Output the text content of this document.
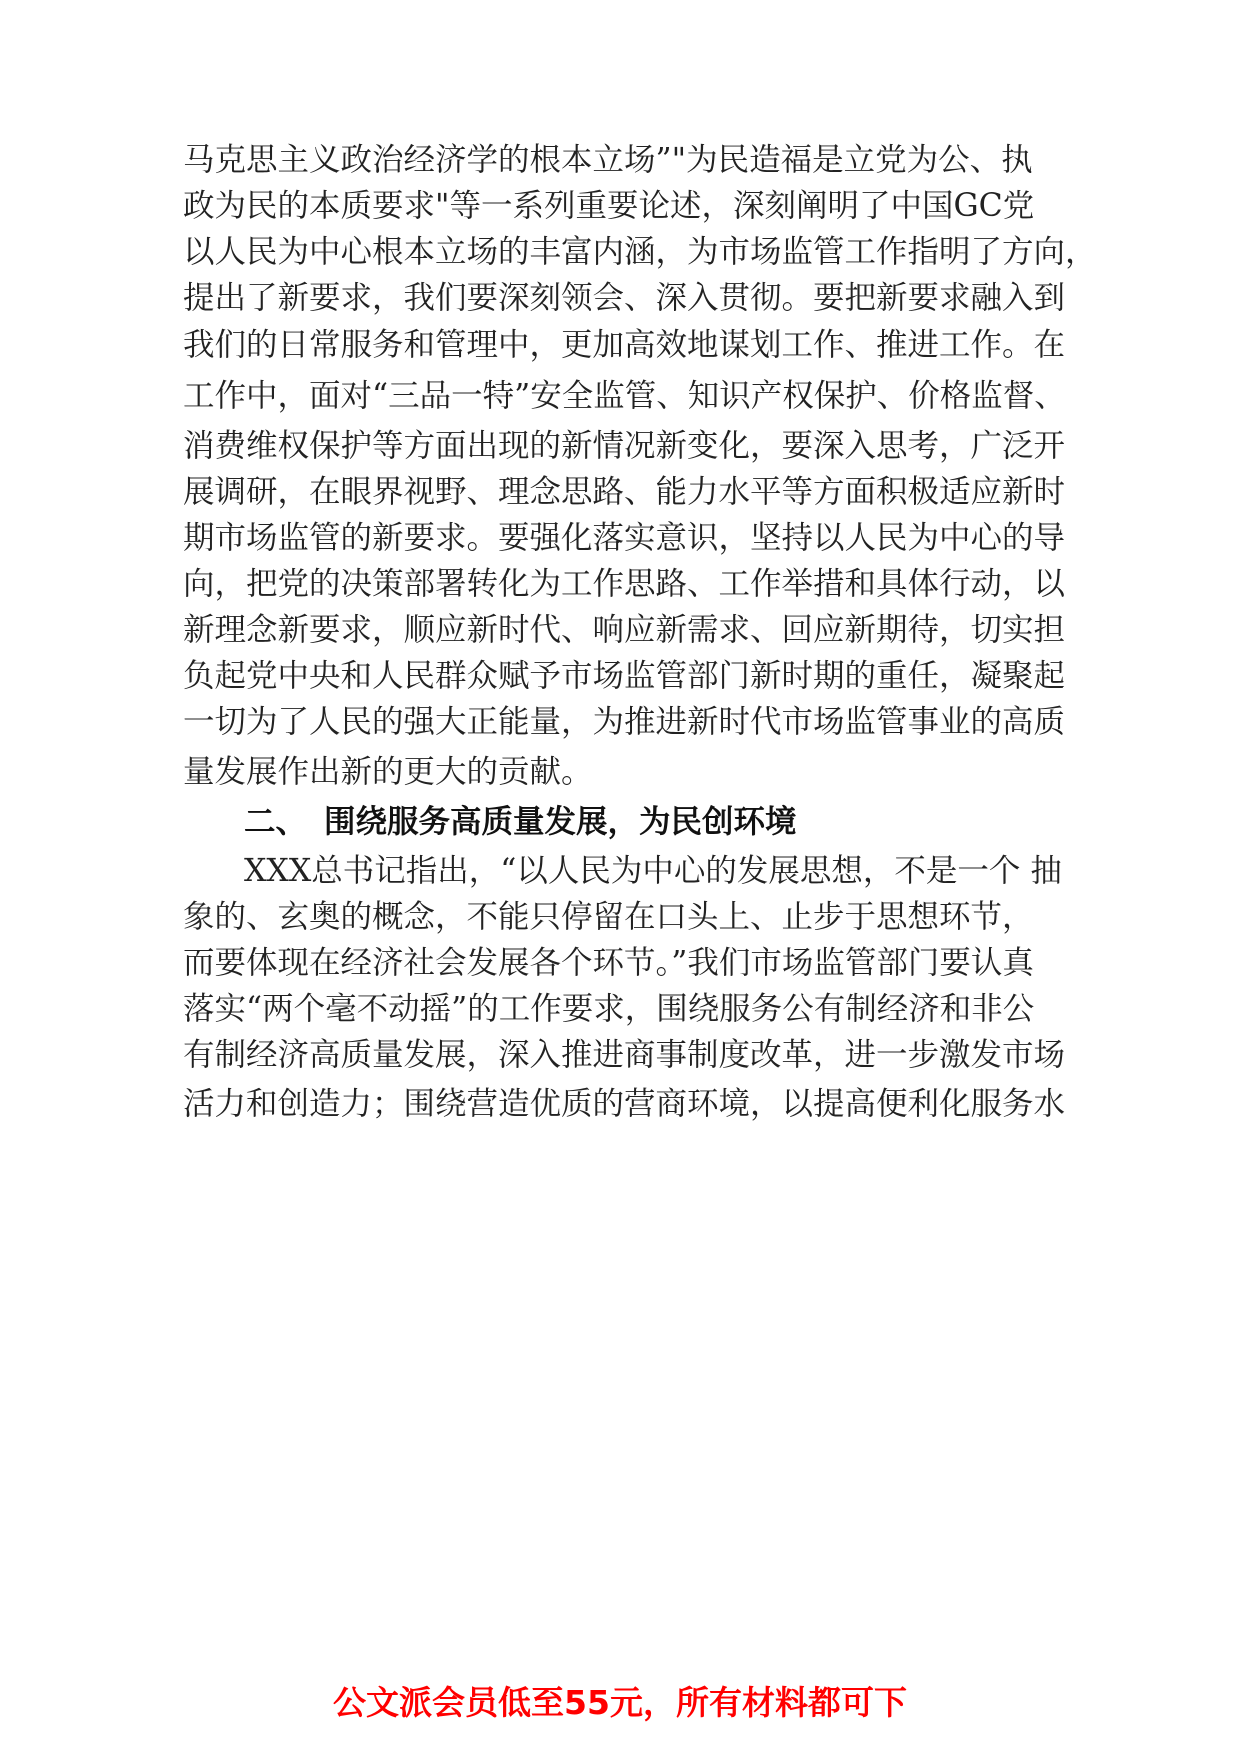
马克思主义政治经济学的根本立场”"为民造福是立党为公、执
政为民的本质要求"等一系列重要论述，深刻阐明了中国GC党
以人民为中心根本立场的丰富内涵，为市场监管工作指明了方向，
提出了新要求，我们要深刻领会、深入贯彻。要把新要求融入到
我们的日常服务和管理中，更加高效地谋划工作、推进工作。在
工作中，面对“三品一特”安全监管、知识产权保护、价格监督、
消费维权保护等方面出现的新情况新变化，要深入思考，广泛开
展调研，在眼界视野、理念思路、能力水平等方面积极适应新时
期市场监管的新要求。要强化落实意识，坚持以人民为中心的导
向，把党的决策部署转化为工作思路、工作举措和具体行动，以
新理念新要求，顺应新时代、响应新需求、回应新期待，切实担
负起党中央和人民群众赋予市场监管部门新时期的重任，凝聚起
一切为了人民的强大正能量，为推进新时代市场监管事业的高质
量发展作出新的更大的贡献。
二、 围绕服务高质量发展，为民创环境
XXX总书记指出，“以人民为中心的发展思想，不是一个 抽
象的、玄奥的概念，不能只停留在口头上、止步于思想环节，
而要体现在经济社会发展各个环节。”我们市场监管部门要认真
落实“两个毫不动摇”的工作要求，围绕服务公有制经济和非公
有制经济高质量发展，深入推进商事制度改革，进一步激发市场
活力和创造力；围绕营造优质的营商环境，以提高便利化服务水
公文派会员低至55元，所有材料都可下
